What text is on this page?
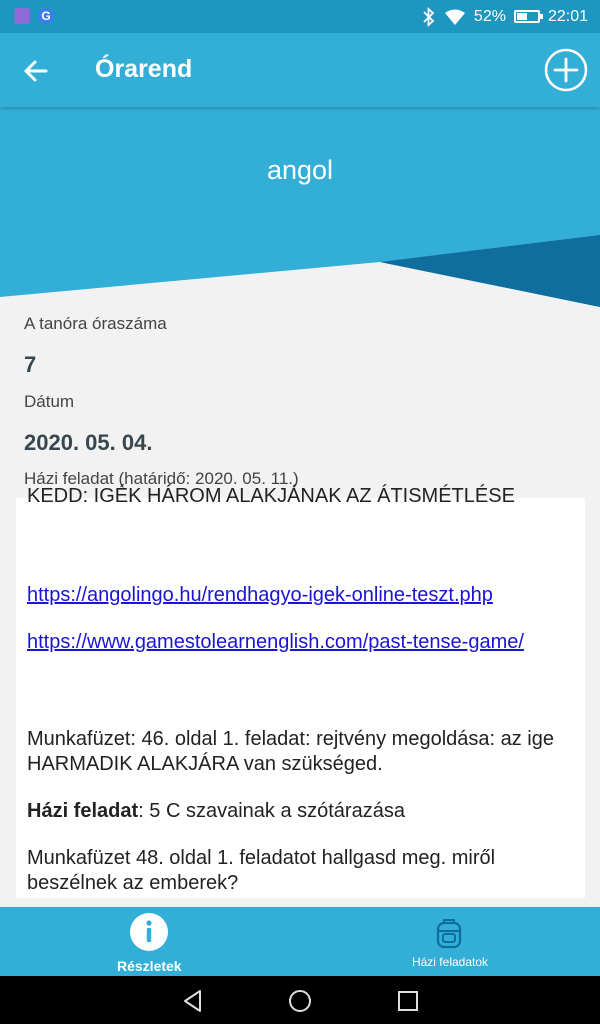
G	52%	22:01
Órarend
angol
A tanóra óraszáma
7
Dátum
2020. 05. 04.
Házi feladat (határidő: 2020. 05. 11.)

KEDD: IGÉK HÁROM ALAKJÁNAK AZ ÁTISMÉTLÉSE

https://angolingo.hu/rendhagyo-igek-online-teszt.php

https://www.gamestolearnenglish.com/past-tense-game/

Munkafüzet: 46. oldal 1. feladat: rejtvény megoldása: az ige HARMADIK ALAKJÁRA van szükséged.

Házi feladat: 5 C szavainak a szótárazása

Munkafüzet 48. oldal 1. feladatot hallgasd meg. miről beszélnek az emberek?

Részletek	Házi feladatok
